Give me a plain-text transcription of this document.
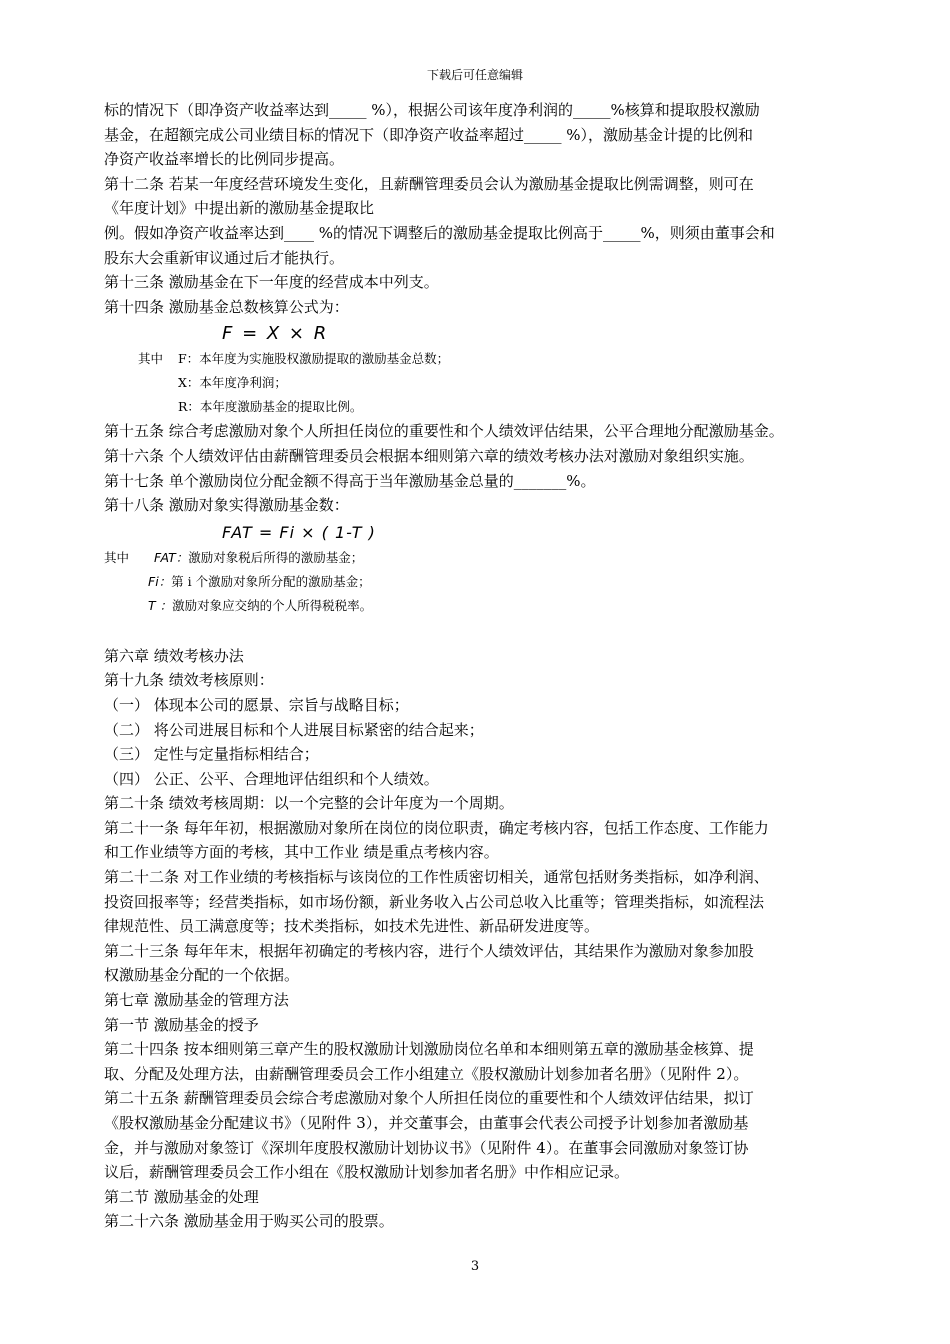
下载后可任意编辑

标的情况下（即净资产收益率达到_____ %），根据公司该年度净利润的_____%核算和提取股权激励

基金，在超额完成公司业绩目标的情况下（即净资产收益率超过_____ %），激励基金计提的比例和

净资产收益率增长的比例同步提高。

第十二条 若某一年度经营环境发生变化，且薪酬管理委员会认为激励基金提取比例需调整，则可在

《年度计划》中提出新的激励基金提取比

例。假如净资产收益率达到____ %的情况下调整后的激励基金提取比例高于_____%，则须由董事会和

股东大会重新审议通过后才能执行。

第十三条 激励基金在下一年度的经营成本中列支。

第十四条 激励基金总数核算公式为：

F = X × R

其中 F：本年度为实施股权激励提取的激励基金总数；

X：本年度净利润；

R：本年度激励基金的提取比例。

第十五条 综合考虑激励对象个人所担任岗位的重要性和个人绩效评估结果，公平合理地分配激励基金。

第十六条 个人绩效评估由薪酬管理委员会根据本细则第六章的绩效考核办法对激励对象组织实施。

第十七条 单个激励岗位分配金额不得高于当年激励基金总量的_______%。

第十八条 激励对象实得激励基金数：

FAT = Fi × ( 1-T )

其中 FAT：激励对象税后所得的激励基金；

Fi：第 i 个激励对象所分配的激励基金；

T ：激励对象应交纳的个人所得税税率。

第六章 绩效考核办法

第十九条 绩效考核原则：

（一） 体现本公司的愿景、宗旨与战略目标；

（二） 将公司进展目标和个人进展目标紧密的结合起来；

（三） 定性与定量指标相结合；

（四） 公正、公平、合理地评估组织和个人绩效。

第二十条 绩效考核周期：以一个完整的会计年度为一个周期。

第二十一条 每年年初，根据激励对象所在岗位的岗位职责，确定考核内容，包括工作态度、工作能力

和工作业绩等方面的考核，其中工作业 绩是重点考核内容。

第二十二条 对工作业绩的考核指标与该岗位的工作性质密切相关，通常包括财务类指标，如净利润、

投资回报率等；经营类指标，如市场份额，新业务收入占公司总收入比重等；管理类指标，如流程法

律规范性、员工满意度等；技术类指标，如技术先进性、新品研发进度等。

第二十三条 每年年末，根据年初确定的考核内容，进行个人绩效评估，其结果作为激励对象参加股

权激励基金分配的一个依据。

第七章 激励基金的管理方法

第一节 激励基金的授予

第二十四条 按本细则第三章产生的股权激励计划激励岗位名单和本细则第五章的激励基金核算、提

取、分配及处理方法，由薪酬管理委员会工作小组建立《股权激励计划参加者名册》（见附件 2）。

第二十五条 薪酬管理委员会综合考虑激励对象个人所担任岗位的重要性和个人绩效评估结果，拟订

《股权激励基金分配建议书》（见附件 3），并交董事会，由董事会代表公司授予计划参加者激励基

金，并与激励对象签订《深圳年度股权激励计划协议书》（见附件 4）。在董事会同激励对象签订协

议后，薪酬管理委员会工作小组在《股权激励计划参加者名册》中作相应记录。

第二节 激励基金的处理

第二十六条 激励基金用于购买公司的股票。

3
